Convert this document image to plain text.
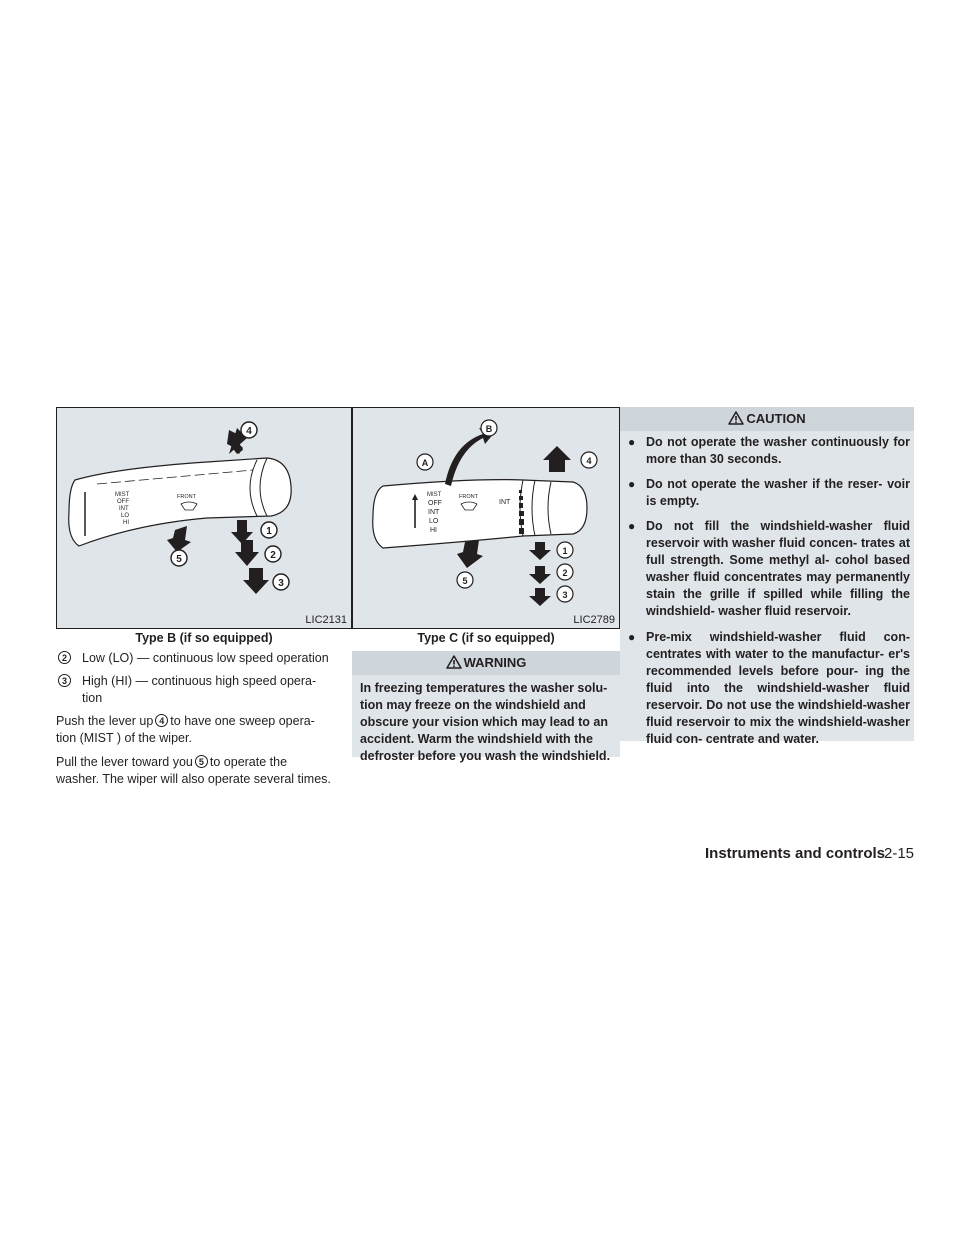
MIST
OFF
INT
LO
HI
FRONT
4
1
2
3
5
LIC2131
Type B (if so equipped)
2	Low (LO) — continuous low speed operation
3	High (HI) — continuous high speed opera-
tion
Push the lever up 4 to have one sweep opera-
tion (MIST ) of the wiper.
Pull the lever toward you 5 to operate the
washer. The wiper will also operate several times.
MIST
OFF
INT
LO
HI
FRONT
INT
A
B
4
1
2
3
5
LIC2789
Type C (if so equipped)
WARNING
In freezing temperatures the washer solu-
tion may freeze on the windshield and
obscure your vision which may lead to an
accident. Warm the windshield with the
defroster before you wash the windshield.
CAUTION
● Do not operate the washer continuously for more than 30 seconds.
● Do not operate the washer if the reser- voir is empty.
● Do not fill the windshield-washer fluid reservoir with washer fluid concen- trates at full strength. Some methyl al- cohol based washer fluid concentrates may permanently stain the grille if spilled while filling the windshield- washer fluid reservoir.
● Pre-mix windshield-washer fluid con- centrates with water to the manufactur- er's recommended levels before pour- ing the fluid into the windshield-washer fluid reservoir. Do not use the windshield-washer fluid reservoir to mix the windshield-washer fluid con- centrate and water.
Instruments and controls
2-15
